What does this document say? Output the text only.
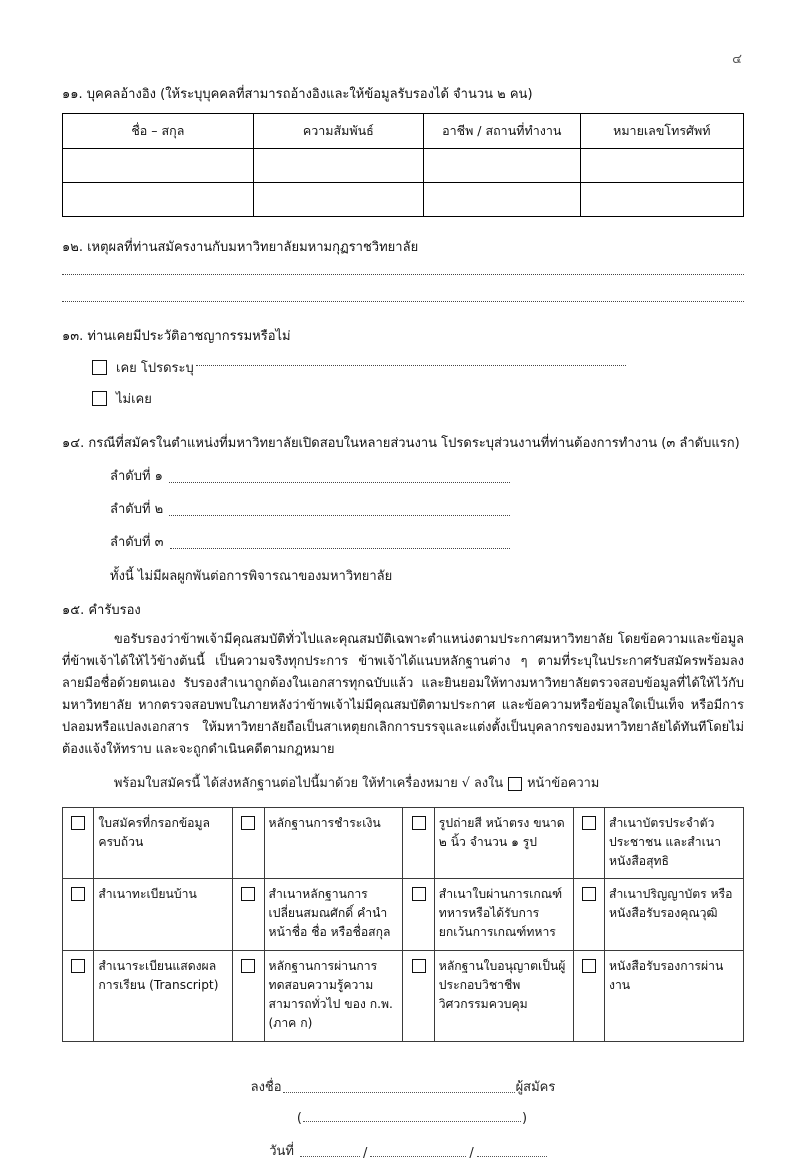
๔
๑๑. บุคคลอ้างอิง (ให้ระบุบุคคลที่สามารถอ้างอิงและให้ข้อมูลรับรองได้ จำนวน ๒ คน)
ชื่อ – สกุล	ความสัมพันธ์	อาชีพ / สถานที่ทำงาน	หมายเลขโทรศัพท์

๑๒. เหตุผลที่ท่านสมัครงานกับมหาวิทยาลัยมหามกุฏราชวิทยาลัย
๑๓. ท่านเคยมีประวัติอาชญากรรมหรือไม่
เคย โปรดระบุ
ไม่เคย
๑๔. กรณีที่สมัครในตำแหน่งที่มหาวิทยาลัยเปิดสอบในหลายส่วนงาน โปรดระบุส่วนงานที่ท่านต้องการทำงาน (๓ ลำดับแรก)
ลำดับที่ ๑
ลำดับที่ ๒
ลำดับที่ ๓
ทั้งนี้ ไม่มีผลผูกพันต่อการพิจารณาของมหาวิทยาลัย
๑๕. คำรับรอง
ขอรับรองว่าข้าพเจ้ามีคุณสมบัติทั่วไปและคุณสมบัติเฉพาะตำแหน่งตามประกาศมหาวิทยาลัย โดยข้อความและข้อมูลที่ข้าพเจ้าได้ให้ไว้ข้างต้นนี้ เป็นความจริงทุกประการ ข้าพเจ้าได้แนบหลักฐานต่าง ๆ ตามที่ระบุในประกาศรับสมัครพร้อมลงลายมือชื่อด้วยตนเอง รับรองสำเนาถูกต้องในเอกสารทุกฉบับแล้ว และยินยอมให้ทางมหาวิทยาลัยตรวจสอบข้อมูลที่ได้ให้ไว้กับมหาวิทยาลัย หากตรวจสอบพบในภายหลังว่าข้าพเจ้าไม่มีคุณสมบัติตามประกาศ และข้อความหรือข้อมูลใดเป็นเท็จ หรือมีการปลอมหรือแปลงเอกสาร ให้มหาวิทยาลัยถือเป็นสาเหตุยกเลิกการบรรจุและแต่งตั้งเป็นบุคลากรของมหาวิทยาลัยได้ทันทีโดยไม่ต้องแจ้งให้ทราบ และจะถูกดำเนินคดีตามกฎหมาย
พร้อมใบสมัครนี้ ได้ส่งหลักฐานต่อไปนี้มาด้วย ให้ทำเครื่องหมาย √ ลงใน หน้าข้อความ
	ใบสมัครที่กรอกข้อมูลครบถ้วน		หลักฐานการชำระเงิน		รูปถ่ายสี หน้าตรง ขนาด ๒ นิ้ว จำนวน ๑ รูป		สำเนาบัตรประจำตัวประชาชน และสำเนาหนังสือสุทธิ
	สำเนาทะเบียนบ้าน		สำเนาหลักฐานการเปลี่ยนสมณศักดิ์ คำนำหน้าชื่อ ชื่อ หรือชื่อสกุล		สำเนาใบผ่านการเกณฑ์ทหารหรือได้รับการยกเว้นการเกณฑ์ทหาร		สำเนาปริญญาบัตร หรือหนังสือรับรองคุณวุฒิ
	สำเนาระเบียนแสดงผลการเรียน (Transcript)		หลักฐานการผ่านการทดสอบความรู้ความสามารถทั่วไป ของ ก.พ. (ภาค ก)		หลักฐานใบอนุญาตเป็นผู้ประกอบวิชาชีพวิศวกรรมควบคุม		หนังสือรับรองการผ่านงาน
ลงชื่อ	ผู้สมัคร
(	)
วันที่	/	/
